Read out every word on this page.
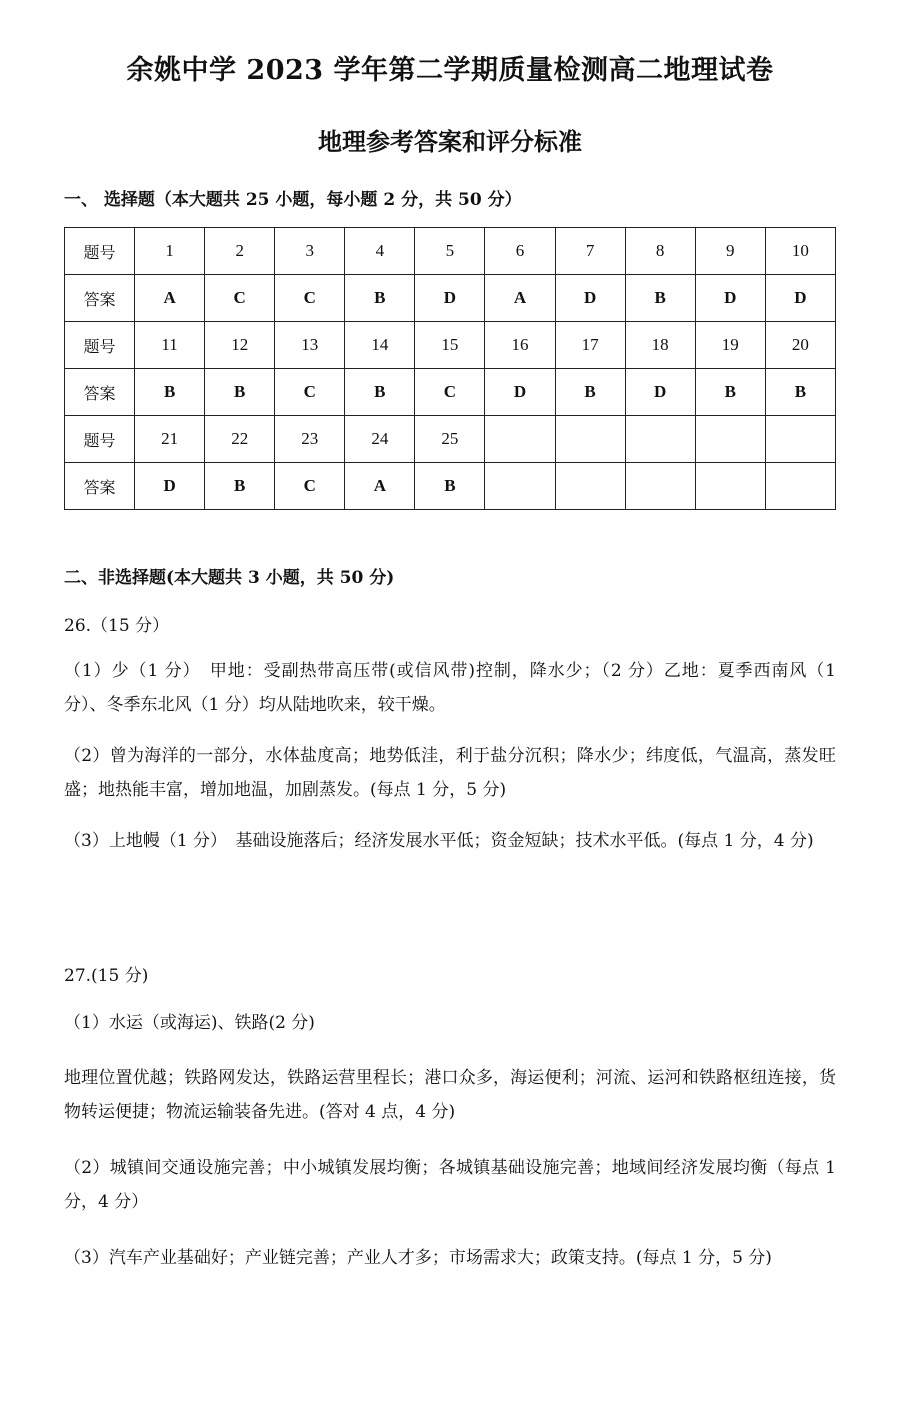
余姚中学 2023 学年第二学期质量检测高二地理试卷
地理参考答案和评分标准
一、 选择题（本大题共 25 小题，每小题 2 分，共 50 分）
题号	1	2	3	4	5	6	7	8	9	10
答案	A	C	C	B	D	A	D	B	D	D
题号	11	12	13	14	15	16	17	18	19	20
答案	B	B	C	B	C	D	B	D	B	B
题号	21	22	23	24	25					
答案	D	B	C	A	B					
二、非选择题(本大题共 3 小题，共 50 分)
26.（15 分）
（1）少（1 分）　甲地：受副热带高压带(或信风带)控制，降水少；（2 分）乙地：夏季西南风（1 分）、冬季东北风（1 分）均从陆地吹来，较干燥。
（2）曾为海洋的一部分，水体盐度高；地势低洼，利于盐分沉积；降水少；纬度低，气温高，蒸发旺盛；地热能丰富，增加地温，加剧蒸发。(每点 1 分，5 分)
（3）上地幔（1 分）　基础设施落后；经济发展水平低；资金短缺；技术水平低。(每点 1 分，4 分)
27.(15 分)
（1）水运（或海运)、铁路(2 分)
地理位置优越；铁路网发达，铁路运营里程长；港口众多，海运便利；河流、运河和铁路枢纽连接，货物转运便捷；物流运输装备先进。(答对 4 点，4 分)
（2）城镇间交通设施完善；中小城镇发展均衡；各城镇基础设施完善；地域间经济发展均衡（每点 1 分，4 分）
（3）汽车产业基础好；产业链完善；产业人才多；市场需求大；政策支持。(每点 1 分，5 分)
